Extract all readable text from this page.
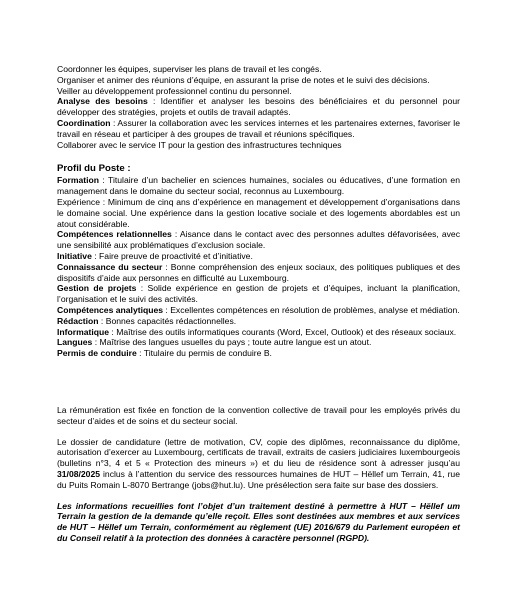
Coordonner les équipes, superviser les plans de travail et les congés.

Organiser et animer des réunions d’équipe, en assurant la prise de notes et le suivi des décisions.

Veiller au développement professionnel continu du personnel.

Analyse des besoins : Identifier et analyser les besoins des bénéficiaires et du personnel pour développer des stratégies, projets et outils de travail adaptés.

Coordination : Assurer la collaboration avec les services internes et les partenaires externes, favoriser le travail en réseau et participer à des groupes de travail et réunions spécifiques.

Collaborer avec le service IT pour la gestion des infrastructures techniques

Profil du Poste :

Formation : Titulaire d’un bachelier en sciences humaines, sociales ou éducatives, d’une formation en management dans le domaine du secteur social, reconnus au Luxembourg.

Expérience : Minimum de cinq ans d’expérience en management et développement d’organisations dans le domaine social. Une expérience dans la gestion locative sociale et des logements abordables est un atout considérable.

Compétences relationnelles : Aisance dans le contact avec des personnes adultes défavorisées, avec une sensibilité aux problématiques d’exclusion sociale.

Initiative : Faire preuve de proactivité et d’initiative.

Connaissance du secteur : Bonne compréhension des enjeux sociaux, des politiques publiques et des dispositifs d’aide aux personnes en difficulté au Luxembourg.

Gestion de projets : Solide expérience en gestion de projets et d’équipes, incluant la planification, l’organisation et le suivi des activités.

Compétences analytiques : Excellentes compétences en résolution de problèmes, analyse et médiation.

Rédaction : Bonnes capacités rédactionnelles.

Informatique : Maîtrise des outils informatiques courants (Word, Excel, Outlook) et des réseaux sociaux.

Langues : Maîtrise des langues usuelles du pays ; toute autre langue est un atout.

Permis de conduire : Titulaire du permis de conduire B.

La rémunération est fixée en fonction de la convention collective de travail pour les employés privés du secteur d’aides et de soins et du secteur social.

Le dossier de candidature (lettre de motivation, CV, copie des diplômes, reconnaissance du diplôme, autorisation d’exercer au Luxembourg, certificats de travail, extraits de casiers judiciaires luxembourgeois (bulletins n°3, 4 et 5 « Protection des mineurs ») et du lieu de résidence sont à adresser jusqu’au 31/08/2025 inclus à l’attention du service des ressources humaines de HUT – Hëllef um Terrain, 41, rue du Puits Romain L-8070 Bertrange (jobs@hut.lu). Une présélection sera faite sur base des dossiers.

Les informations recueillies font l’objet d’un traitement destiné à permettre à HUT – Hëllef um Terrain la gestion de la demande qu’elle reçoit. Elles sont destinées aux membres et aux services de HUT – Hëllef um Terrain, conformément au règlement (UE) 2016/679 du Parlement européen et du Conseil relatif à la protection des données à caractère personnel (RGPD).
